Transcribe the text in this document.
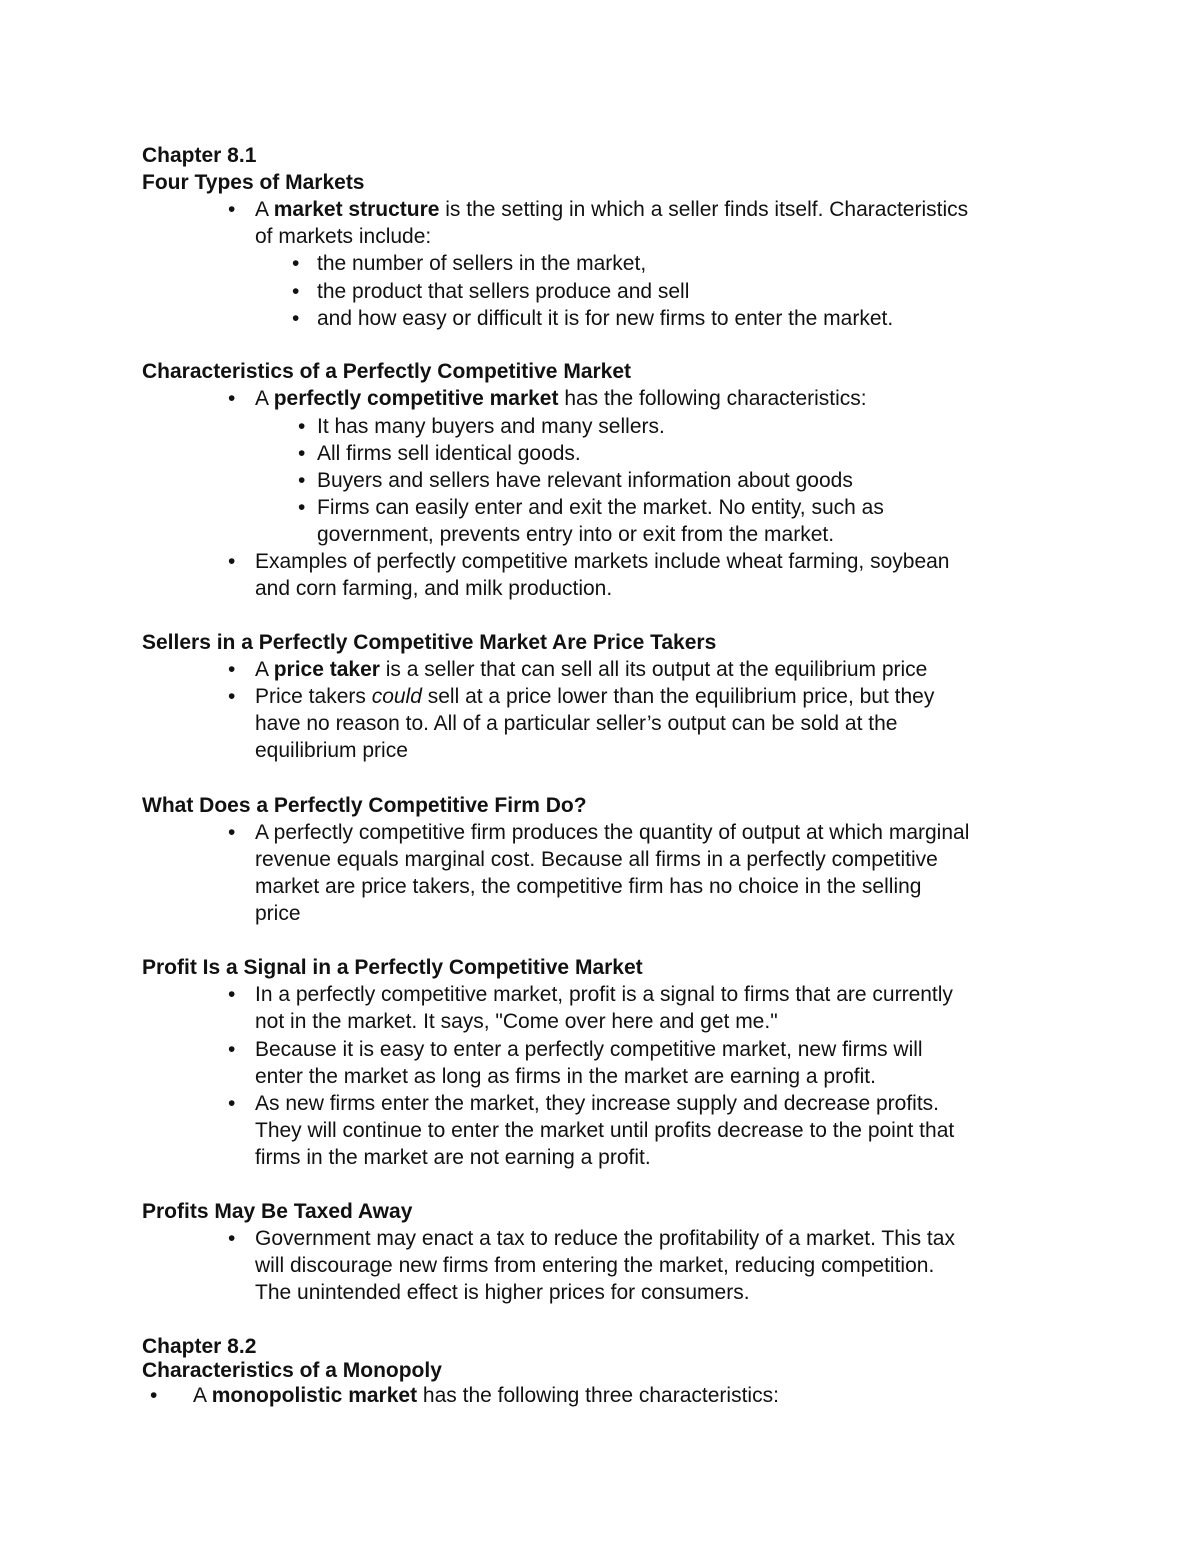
Chapter 8.1
Four Types of Markets
• A market structure is the setting in which a seller finds itself. Characteristics
of markets include:
• the number of sellers in the market,
• the product that sellers produce and sell
• and how easy or difficult it is for new firms to enter the market.
Characteristics of a Perfectly Competitive Market
• A perfectly competitive market has the following characteristics:
• It has many buyers and many sellers.
• All firms sell identical goods.
• Buyers and sellers have relevant information about goods
• Firms can easily enter and exit the market. No entity, such as
government, prevents entry into or exit from the market.
• Examples of perfectly competitive markets include wheat farming, soybean
and corn farming, and milk production.
Sellers in a Perfectly Competitive Market Are Price Takers
• A price taker is a seller that can sell all its output at the equilibrium price
• Price takers could sell at a price lower than the equilibrium price, but they
have no reason to. All of a particular seller’s output can be sold at the
equilibrium price
What Does a Perfectly Competitive Firm Do?
• A perfectly competitive firm produces the quantity of output at which marginal
revenue equals marginal cost. Because all firms in a perfectly competitive
market are price takers, the competitive firm has no choice in the selling
price
Profit Is a Signal in a Perfectly Competitive Market
• In a perfectly competitive market, profit is a signal to firms that are currently
not in the market. It says, "Come over here and get me."
• Because it is easy to enter a perfectly competitive market, new firms will
enter the market as long as firms in the market are earning a profit.
• As new firms enter the market, they increase supply and decrease profits.
They will continue to enter the market until profits decrease to the point that
firms in the market are not earning a profit.
Profits May Be Taxed Away
• Government may enact a tax to reduce the profitability of a market. This tax
will discourage new firms from entering the market, reducing competition.
The unintended effect is higher prices for consumers.
Chapter 8.2
Characteristics of a Monopoly
• A monopolistic market has the following three characteristics:
